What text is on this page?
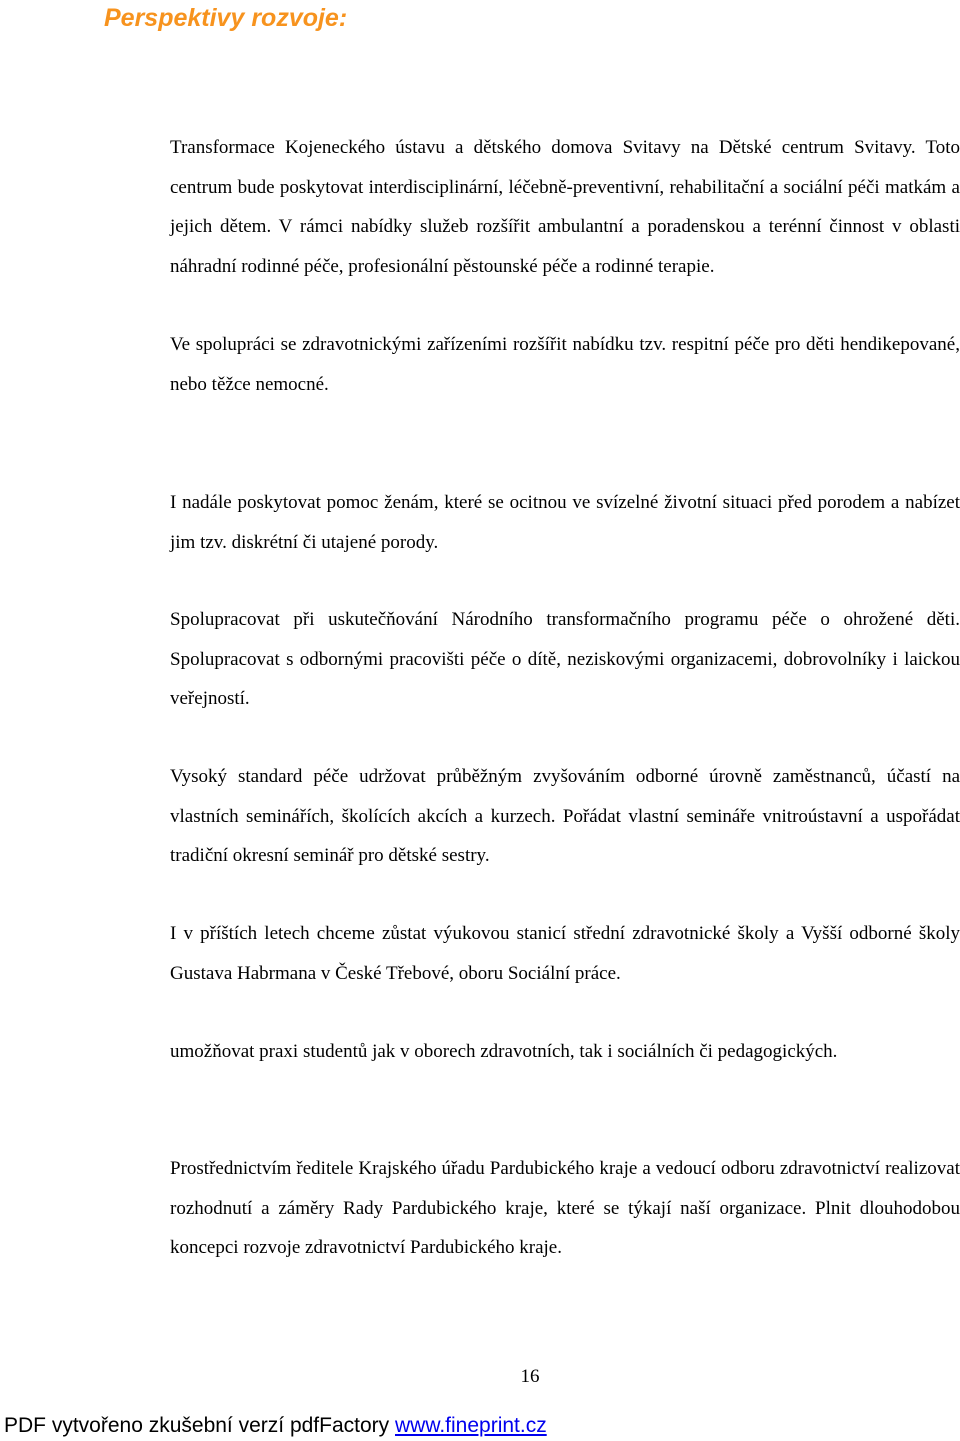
Perspektivy rozvoje:

Transformace Kojeneckého ústavu a dětského domova Svitavy na Dětské centrum Svitavy. Toto centrum bude poskytovat interdisciplinární, léčebně-preventivní, rehabilitační a sociální péči matkám a jejich dětem. V rámci nabídky služeb rozšířit ambulantní a poradenskou a terénní činnost v oblasti náhradní rodinné péče, profesionální pěstounské péče a rodinné terapie.

Ve spolupráci se zdravotnickými zařízeními rozšířit nabídku tzv. respitní péče pro děti hendikepované, nebo těžce nemocné.

I nadále poskytovat pomoc ženám, které se ocitnou ve svízelné životní situaci před porodem a nabízet jim tzv. diskrétní či utajené porody.

Spolupracovat při uskutečňování Národního transformačního programu péče o ohrožené děti. Spolupracovat s odbornými pracovišti péče o dítě, neziskovými organizacemi, dobrovolníky i laickou veřejností.

Vysoký standard péče udržovat průběžným zvyšováním odborné úrovně zaměstnanců, účastí na vlastních seminářích, školících akcích a kurzech. Pořádat vlastní semináře vnitroústavní a uspořádat tradiční okresní seminář pro dětské sestry.

I v příštích letech chceme zůstat výukovou stanicí střední zdravotnické školy a Vyšší odborné školy Gustava Habrmana v České Třebové, oboru Sociální práce.

umožňovat praxi studentů jak v oborech zdravotních, tak i sociálních či pedagogických.

Prostřednictvím ředitele Krajského úřadu Pardubického kraje a vedoucí odboru zdravotnictví realizovat rozhodnutí a záměry Rady Pardubického kraje, které se týkají naší organizace. Plnit dlouhodobou koncepci rozvoje zdravotnictví Pardubického kraje.

16
PDF vytvořeno zkušební verzí pdfFactory www.fineprint.cz
